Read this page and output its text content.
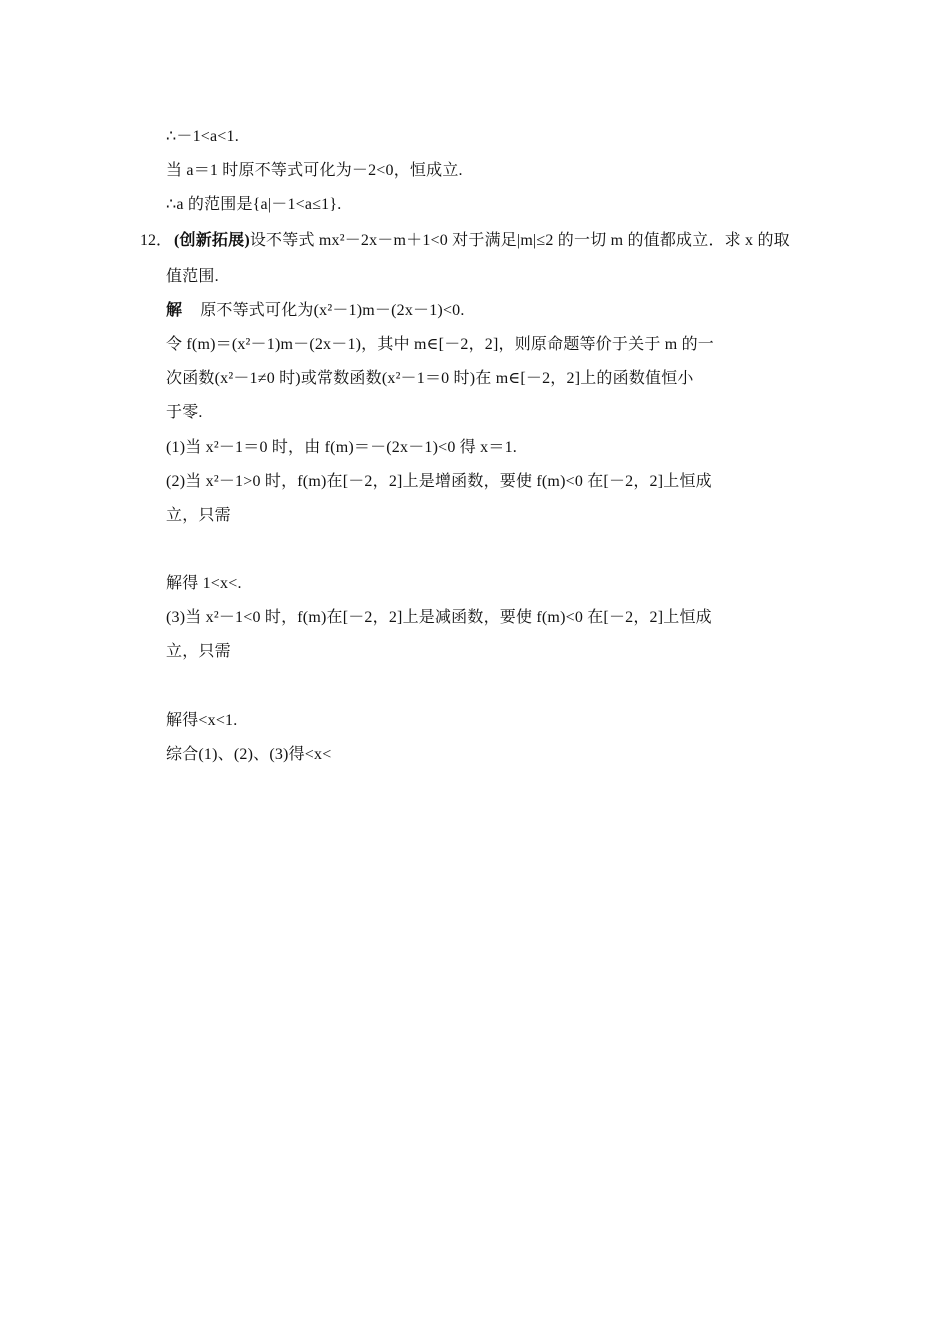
∴－1<a<1.
当 a＝1 时原不等式可化为－2<0，恒成立.
∴a 的范围是{a|－1<a≤1}.
12． (创新拓展)设不等式 mx²－2x－m＋1<0 对于满足|m|≤2 的一切 m 的值都成立．求 x 的取
值范围.
解 原不等式可化为(x²－1)m－(2x－1)<0.
令 f(m)＝(x²－1)m－(2x－1)，其中 m∈[－2，2]，则原命题等价于关于 m 的一
次函数(x²－1≠0 时)或常数函数(x²－1＝0 时)在 m∈[－2，2]上的函数值恒小
于零.
(1)当 x²－1＝0 时，由 f(m)＝－(2x－1)<0 得 x＝1.
(2)当 x²－1>0 时，f(m)在[－2，2]上是增函数，要使 f(m)<0 在[－2，2]上恒成
立，只需
解得 1<x<.
(3)当 x²－1<0 时，f(m)在[－2，2]上是减函数，要使 f(m)<0 在[－2，2]上恒成
立，只需
解得<x<1.
综合(1)、(2)、(3)得<x<
